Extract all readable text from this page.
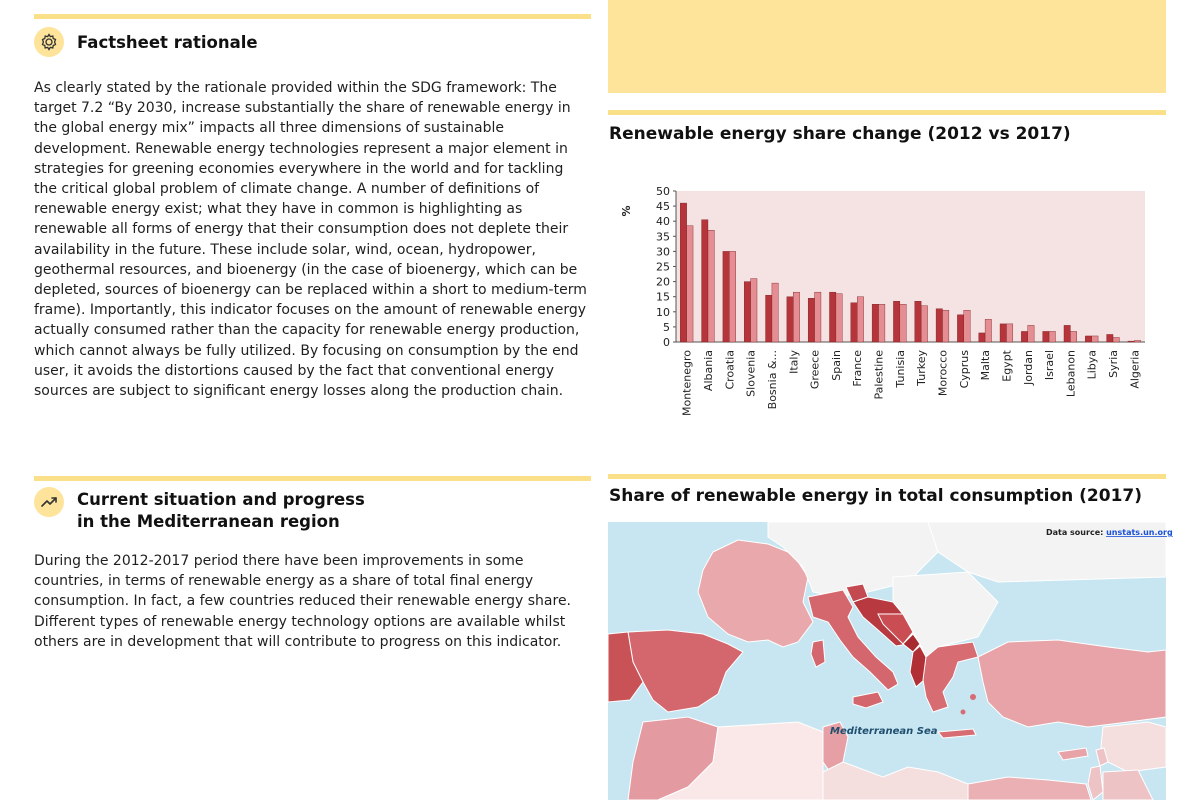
Factsheet rationale
As clearly stated by the rationale provided within the SDG framework: The target 7.2 “By 2030, increase substantially the share of renewable energy in the global energy mix” impacts all three dimensions of sustainable development. Renewable energy technologies represent a major element in strategies for greening economies everywhere in the world and for tackling the critical global problem of climate change. A number of definitions of renewable energy exist; what they have in common is highlighting as renewable all forms of energy that their consumption does not deplete their availability in the future. These include solar, wind, ocean, hydropower, geothermal resources, and bioenergy (in the case of bioenergy, which can be depleted, sources of bioenergy can be replaced within a short to medium-term frame). Importantly, this indicator focuses on the amount of renewable energy actually consumed rather than the capacity for renewable energy production, which cannot always be fully utilized. By focusing on consumption by the end user, it avoids the distortions caused by the fact that conventional energy sources are subject to significant energy losses along the production chain.
Current situation and progress
in the Mediterranean region
During the 2012-2017 period there have been improvements in some countries, in terms of renewable energy as a share of total final energy consumption. In fact, a few countries reduced their renewable energy share. Different types of renewable energy technology options are available whilst others are in development that will contribute to progress on this indicator.
Renewable energy share change (2012 vs 2017)
0
5
10
15
20
25
30
35
40
45
50
%
Montenegro Albania Croatia Slovenia Bosnia &... Italy Greece Spain France Palestine Tunisia Turkey Morocco Cyprus Malta Egypt Jordan Israel Lebanon Libya Syria Algeria
Share of renewable energy in total consumption (2017)
Data source: unstats.un.org
Mediterranean Sea
